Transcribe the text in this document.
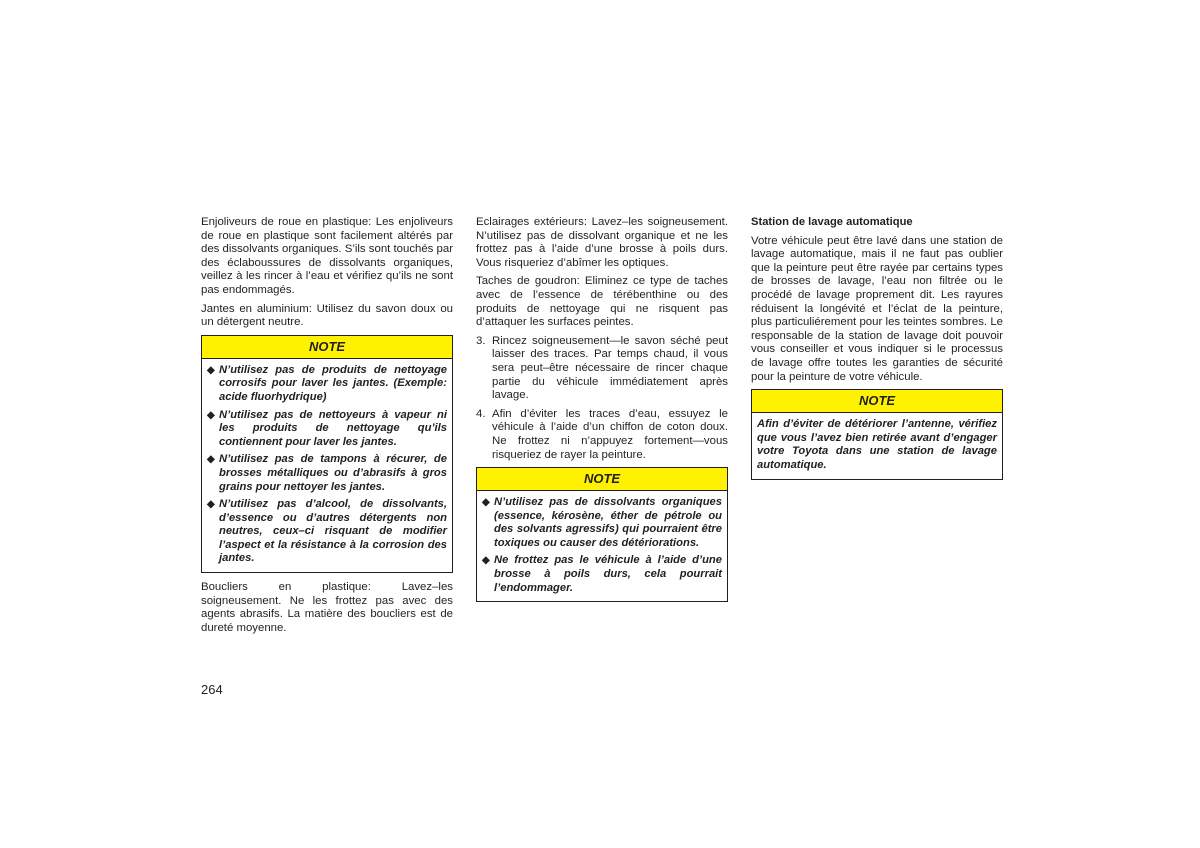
Enjoliveurs de roue en plastique: Les enjoliveurs de roue en plastique sont facilement altérés par des dissolvants organiques. S’ils sont touchés par des éclaboussures de dissolvants organiques, veillez à les rincer à l’eau et vérifiez qu’ils ne sont pas endommagés.

Jantes en aluminium: Utilisez du savon doux ou un détergent neutre.

NOTE
◆ N’utilisez pas de produits de nettoyage corrosifs pour laver les jantes. (Exemple: acide fluorhydrique)
◆ N’utilisez pas de nettoyeurs à vapeur ni les produits de nettoyage qu’ils contiennent pour laver les jantes.
◆ N’utilisez pas de tampons à récurer, de brosses métalliques ou d’abrasifs à gros grains pour nettoyer les jantes.
◆ N’utilisez pas d’alcool, de dissolvants, d’essence ou d’autres détergents non neutres, ceux–ci risquant de modifier l’aspect et la résistance à la corrosion des jantes.

Boucliers en plastique: Lavez–les soigneusement. Ne les frottez pas avec des agents abrasifs. La matière des boucliers est de dureté moyenne.

Eclairages extérieurs: Lavez–les soigneusement. N’utilisez pas de dissolvant organique et ne les frottez pas à l’aide d’une brosse à poils durs. Vous risqueriez d’abîmer les optiques.

Taches de goudron: Eliminez ce type de taches avec de l’essence de térébenthine ou des produits de nettoyage qui ne risquent pas d’attaquer les surfaces peintes.

3. Rincez soigneusement—le savon séché peut laisser des traces. Par temps chaud, il vous sera peut–être nécessaire de rincer chaque partie du véhicule immédiatement après lavage.
4. Afin d’éviter les traces d’eau, essuyez le véhicule à l’aide d’un chiffon de coton doux. Ne frottez ni n’appuyez fortement—vous risqueriez de rayer la peinture.
NOTE
◆ N’utilisez pas de dissolvants organiques (essence, kérosène, éther de pétrole ou des solvants agressifs) qui pourraient être toxiques ou causer des détériorations.
◆ Ne frottez pas le véhicule à l’aide d’une brosse à poils durs, cela pourrait l’endommager.
Station de lavage automatique

Votre véhicule peut être lavé dans une station de lavage automatique, mais il ne faut pas oublier que la peinture peut être rayée par certains types de brosses de lavage, l’eau non filtrée ou le procédé de lavage proprement dit. Les rayures réduisent la longévité et l’éclat de la peinture, plus particuliérement pour les teintes sombres. Le responsable de la station de lavage doit pouvoir vous conseiller et vous indiquer si le processus de lavage offre toutes les garanties de sécurité pour la peinture de votre véhicule.

NOTE

Afin d’éviter de détériorer l’antenne, vérifiez que vous l’avez bien retirée avant d’engager votre Toyota dans une station de lavage automatique.

264
